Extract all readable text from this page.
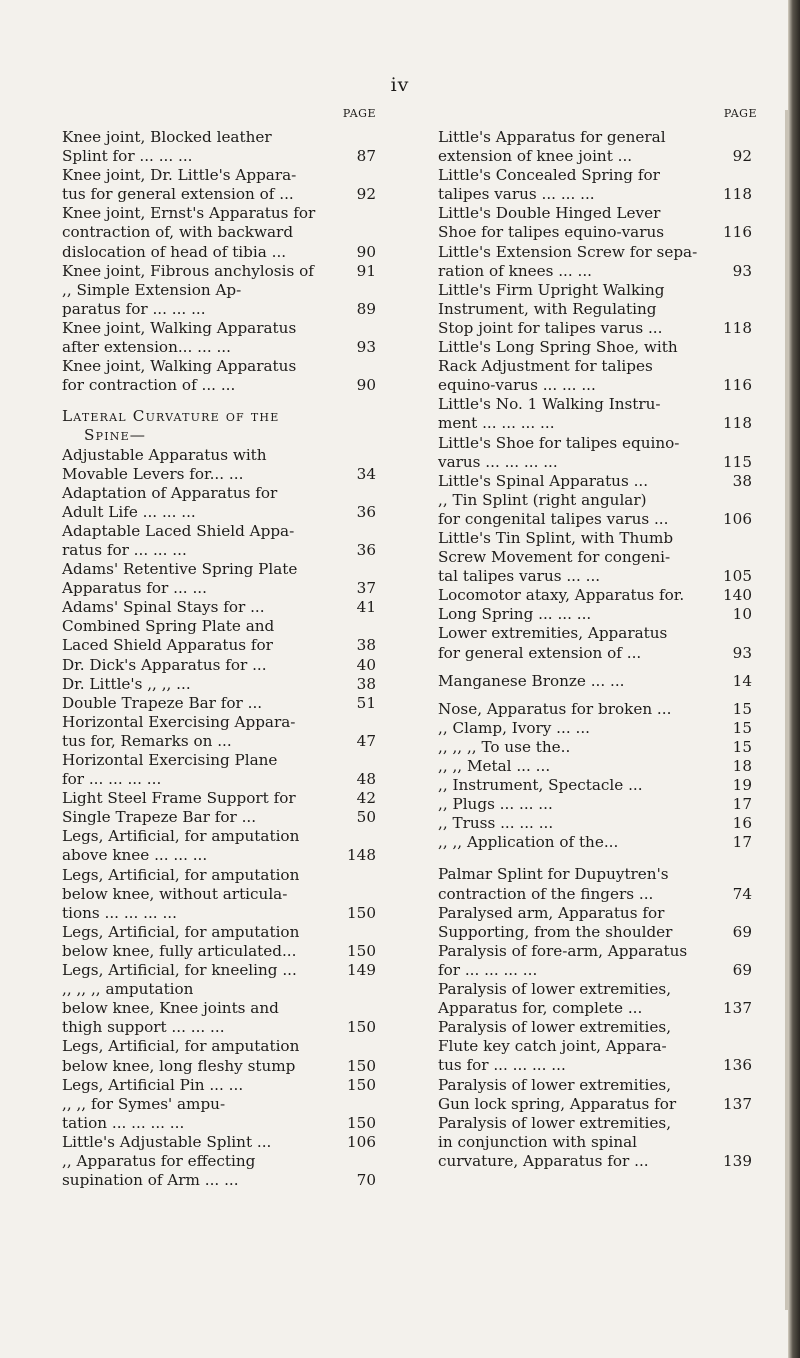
iv
PAGE
Knee joint, Blocked leather
Splint for ... ... ...	87
Knee joint, Dr. Little's Appara-
tus for general extension of ...	92
Knee joint, Ernst's Apparatus for
contraction of, with backward
dislocation of head of tibia ...	90
Knee joint, Fibrous anchylosis of	91
,, Simple Extension Ap-
paratus for ... ... ...	89
Knee joint, Walking Apparatus
after extension... ... ...	93
Knee joint, Walking Apparatus
for contraction of ... ...	90
Lateral Curvature of the
Spine—
Adjustable Apparatus with
Movable Levers for... ...	34
Adaptation of Apparatus for
Adult Life ... ... ...	36
Adaptable Laced Shield Appa-
ratus for ... ... ...	36
Adams' Retentive Spring Plate
Apparatus for ... ...	37
Adams' Spinal Stays for ...	41
Combined Spring Plate and
Laced Shield Apparatus for	38
Dr. Dick's Apparatus for ...	40
Dr. Little's ,, ,, ...	38
Double Trapeze Bar for ...	51
Horizontal Exercising Appara-
tus for, Remarks on ...	47
Horizontal Exercising Plane
for ... ... ... ...	48
Light Steel Frame Support for	42
Single Trapeze Bar for ...	50
Legs, Artificial, for amputation
above knee ... ... ...	148
Legs, Artificial, for amputation
below knee, without articula-
tions ... ... ... ...	150
Legs, Artificial, for amputation
below knee, fully articulated...	150
Legs, Artificial, for kneeling ...	149
,, ,, ,, amputation
below knee, Knee joints and
thigh support ... ... ...	150
Legs, Artificial, for amputation
below knee, long fleshy stump	150
Legs, Artificial Pin ... ...	150
,, ,, for Symes' ampu-
tation ... ... ... ...	150
Little's Adjustable Splint ...	106
,, Apparatus for effecting
supination of Arm ... ...	70
PAGE
Little's Apparatus for general
extension of knee joint ...	92
Little's Concealed Spring for
talipes varus ... ... ...	118
Little's Double Hinged Lever
Shoe for talipes equino-varus	116
Little's Extension Screw for sepa-
ration of knees ... ...	93
Little's Firm Upright Walking
Instrument, with Regulating
Stop joint for talipes varus ...	118
Little's Long Spring Shoe, with
Rack Adjustment for talipes
equino-varus ... ... ...	116
Little's No. 1 Walking Instru-
ment ... ... ... ...	118
Little's Shoe for talipes equino-
varus ... ... ... ...	115
Little's Spinal Apparatus ...	38
,, Tin Splint (right angular)
for congenital talipes varus ...	106
Little's Tin Splint, with Thumb
Screw Movement for congeni-
tal talipes varus ... ...	105
Locomotor ataxy, Apparatus for.	140
Long Spring ... ... ...	10
Lower extremities, Apparatus
for general extension of ...	93
Manganese Bronze ... ...	14
Nose, Apparatus for broken ...	15
,, Clamp, Ivory ... ...	15
,, ,, ,, To use the..	15
,, ,, Metal ... ...	18
,, Instrument, Spectacle ...	19
,, Plugs ... ... ...	17
,, Truss ... ... ...	16
,, ,, Application of the...	17
Palmar Splint for Dupuytren's
contraction of the fingers ...	74
Paralysed arm, Apparatus for
Supporting, from the shoulder	69
Paralysis of fore-arm, Apparatus
for ... ... ... ...	69
Paralysis of lower extremities,
Apparatus for, complete ...	137
Paralysis of lower extremities,
Flute key catch joint, Appara-
tus for ... ... ... ...	136
Paralysis of lower extremities,
Gun lock spring, Apparatus for	137
Paralysis of lower extremities,
in conjunction with spinal
curvature, Apparatus for ...	139
